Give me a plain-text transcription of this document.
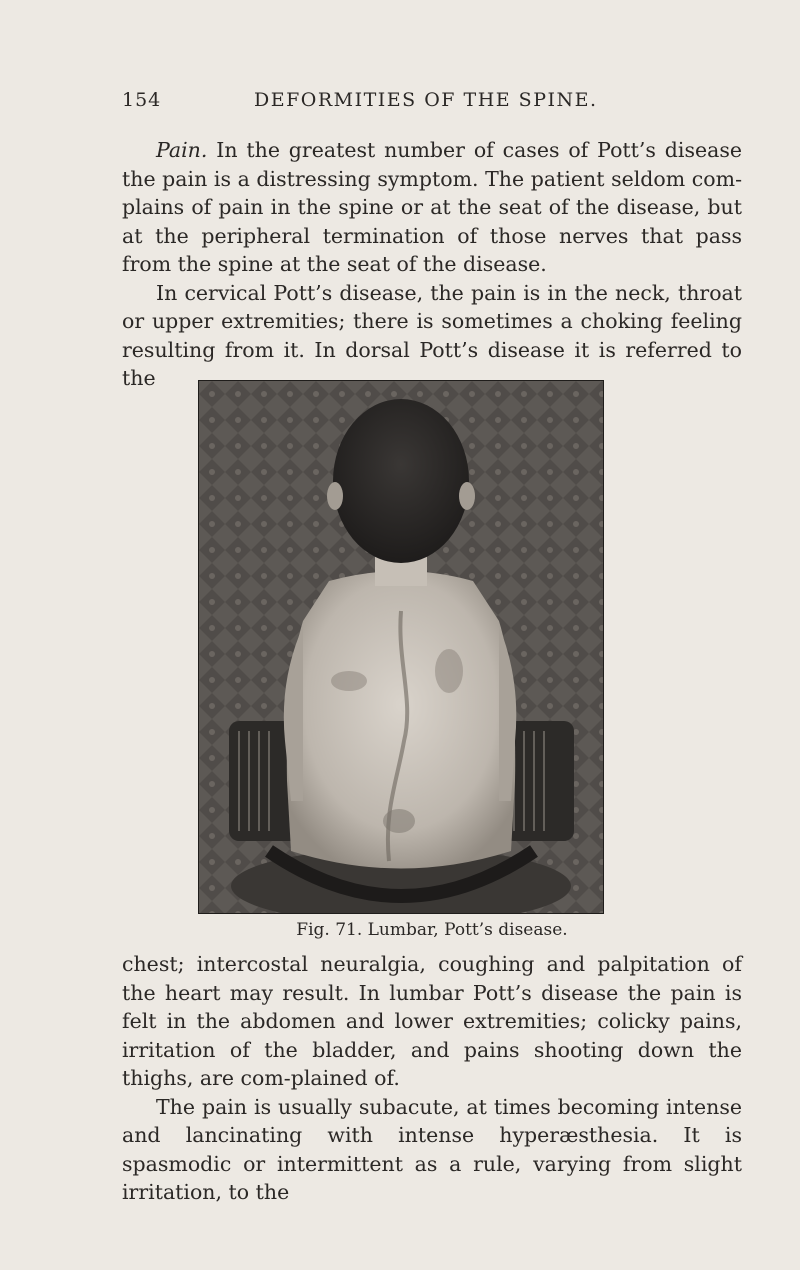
154	DEFORMITIES OF THE SPINE.

Pain. In the greatest number of cases of Pott’s disease the pain is a distressing symptom. The patient seldom com-plains of pain in the spine or at the seat of the disease, but at the peripheral termination of those nerves that pass from the spine at the seat of the disease.

In cervical Pott’s disease, the pain is in the neck, throat or upper extremities; there is sometimes a choking feeling resulting from it. In dorsal Pott’s disease it is referred to the

Fig. 71. Lumbar, Pott’s disease.

chest; intercostal neuralgia, coughing and palpitation of the heart may result. In lumbar Pott’s disease the pain is felt in the abdomen and lower extremities; colicky pains, irritation of the bladder, and pains shooting down the thighs, are com-plained of.

The pain is usually subacute, at times becoming intense and lancinating with intense hyperæsthesia. It is spasmodic or intermittent as a rule, varying from slight irritation, to the
